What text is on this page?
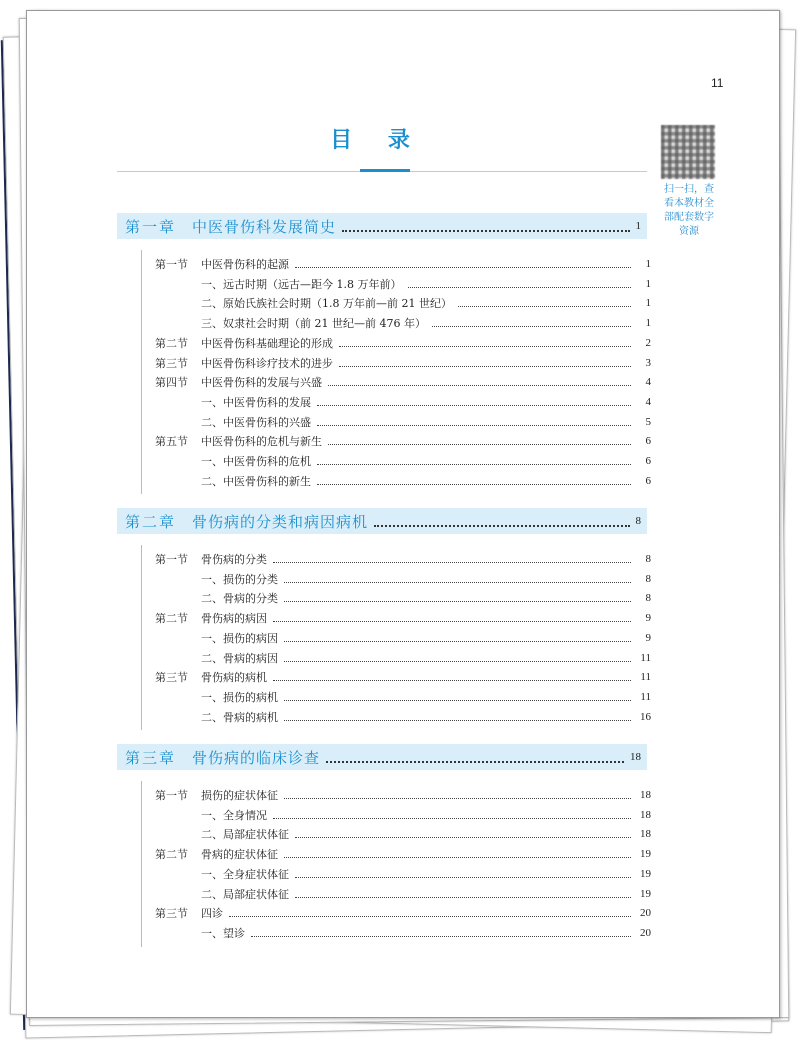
11
目 录
扫一扫，查
看本教材全
部配套数字
资源
第一章 中医骨伤科发展简史	1
第一节	中医骨伤科的起源	1
一、远古时期（远古—距今 1.8 万年前）	1
二、原始氏族社会时期（1.8 万年前—前 21 世纪）	1
三、奴隶社会时期（前 21 世纪—前 476 年）	1
第二节	中医骨伤科基础理论的形成	2
第三节	中医骨伤科诊疗技术的进步	3
第四节	中医骨伤科的发展与兴盛	4
一、中医骨伤科的发展	4
二、中医骨伤科的兴盛	5
第五节	中医骨伤科的危机与新生	6
一、中医骨伤科的危机	6
二、中医骨伤科的新生	6
第二章 骨伤病的分类和病因病机	8
第一节	骨伤病的分类	8
一、损伤的分类	8
二、骨病的分类	8
第二节	骨伤病的病因	9
一、损伤的病因	9
二、骨病的病因	11
第三节	骨伤病的病机	11
一、损伤的病机	11
二、骨病的病机	16
第三章 骨伤病的临床诊查	18
第一节	损伤的症状体征	18
一、全身情况	18
二、局部症状体征	18
第二节	骨病的症状体征	19
一、全身症状体征	19
二、局部症状体征	19
第三节	四诊	20
一、望诊	20
